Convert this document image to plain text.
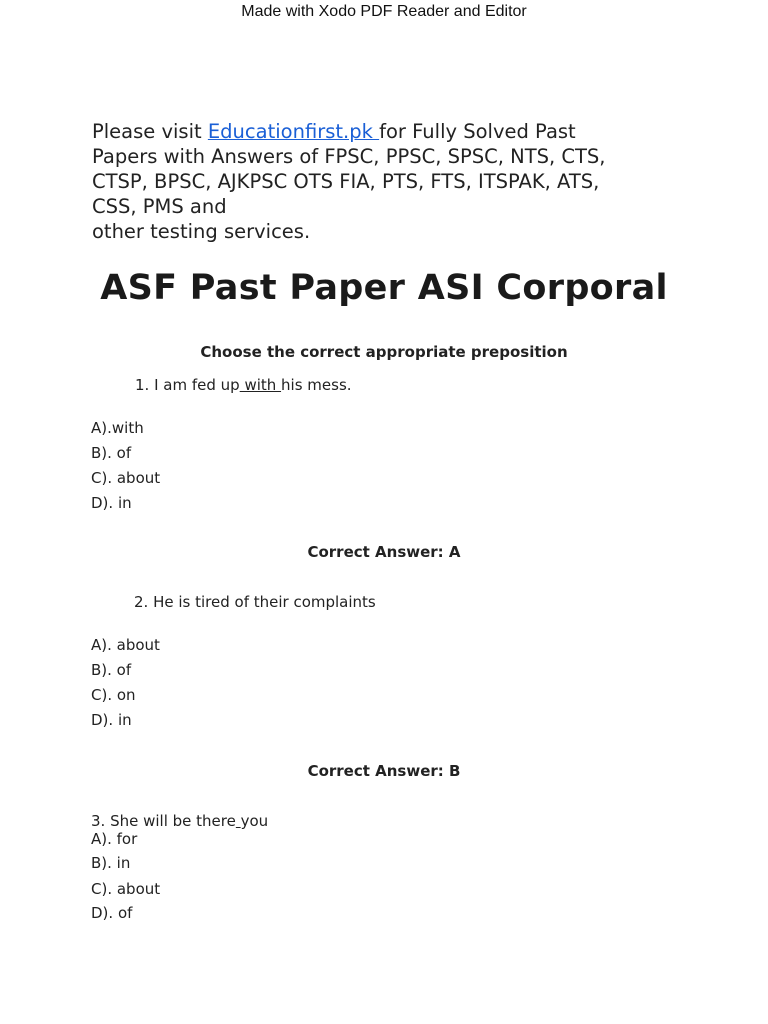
Made with Xodo PDF Reader and Editor
Please visit Educationfirst.pk for Fully Solved Past
Papers with Answers of FPSC, PPSC, SPSC, NTS, CTS,
CTSP, BPSC, AJKPSC OTS FIA, PTS, FTS, ITSPAK, ATS,
CSS, PMS and
other testing services.
ASF Past Paper ASI Corporal
Choose the correct appropriate preposition
1. I am fed up with his mess.
A).with
B). of
C). about
D). in
Correct Answer: A
2. He is tired of their complaints
A). about
B). of
C). on
D). in
Correct Answer: B
3. She will be there you
A). for
B). in
C). about
D). of
